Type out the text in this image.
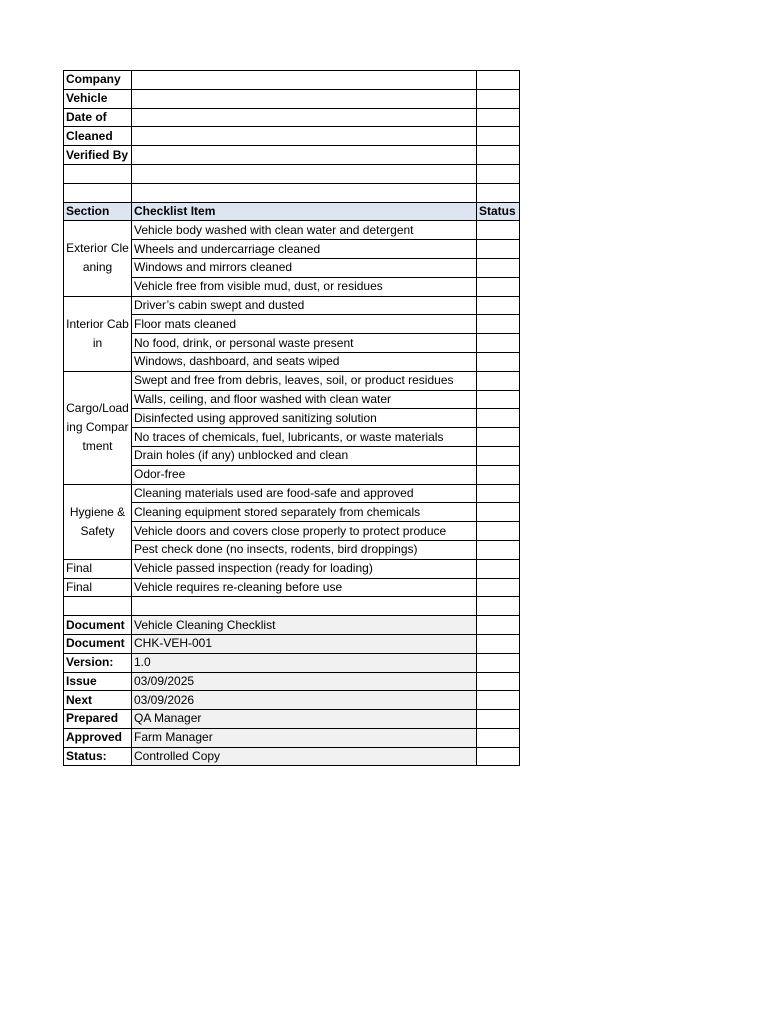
Company		
Vehicle		
Date of		
Cleaned		
Verified By		

Section	Checklist Item	Status
Exterior Cleaning	Vehicle body washed with clean water and detergent	
	Wheels and undercarriage cleaned	
	Windows and mirrors cleaned	
	Vehicle free from visible mud, dust, or residues	
Interior Cabin	Driver’s cabin swept and dusted	
	Floor mats cleaned	
	No food, drink, or personal waste present	
	Windows, dashboard, and seats wiped	
Cargo/Loading Compartment	Swept and free from debris, leaves, soil, or product residues	
	Walls, ceiling, and floor washed with clean water	
	Disinfected using approved sanitizing solution	
	No traces of chemicals, fuel, lubricants, or waste materials	
	Drain holes (if any) unblocked and clean	
	Odor-free	
Hygiene & Safety	Cleaning materials used are food-safe and approved	
	Cleaning equipment stored separately from chemicals	
	Vehicle doors and covers close properly to protect produce	
	Pest check done (no insects, rodents, bird droppings)	
Final	Vehicle passed inspection (ready for loading)	
Final	Vehicle requires re-cleaning before use	

Document	Vehicle Cleaning Checklist	
Document	CHK-VEH-001	
Version:	1.0	
Issue	03/09/2025	
Next	03/09/2026	
Prepared	QA Manager	
Approved	Farm Manager	
Status:	Controlled Copy	
